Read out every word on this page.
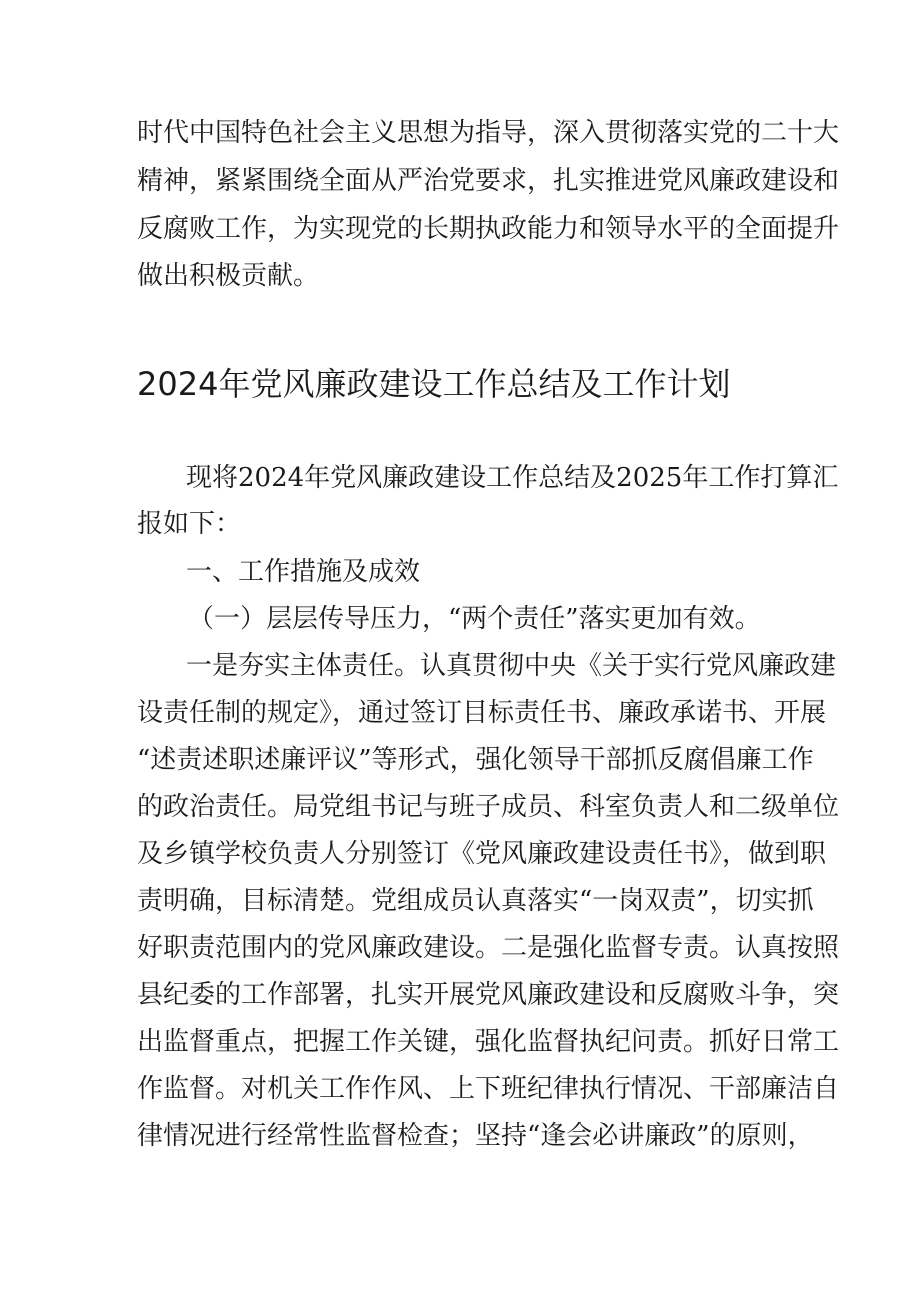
时代中国特色社会主义思想为指导，深入贯彻落实党的二十大

精神，紧紧围绕全面从严治党要求，扎实推进党风廉政建设和

反腐败工作，为实现党的长期执政能力和领导水平的全面提升

做出积极贡献。

2024年党风廉政建设工作总结及工作计划

现将2024年党风廉政建设工作总结及2025年工作打算汇

报如下：

一、工作措施及成效

（一）层层传导压力，“两个责任”落实更加有效。

一是夯实主体责任。认真贯彻中央《关于实行党风廉政建

设责任制的规定》，通过签订目标责任书、廉政承诺书、开展

“述责述职述廉评议”等形式，强化领导干部抓反腐倡廉工作

的政治责任。局党组书记与班子成员、科室负责人和二级单位

及乡镇学校负责人分别签订《党风廉政建设责任书》，做到职

责明确，目标清楚。党组成员认真落实“一岗双责”，切实抓

好职责范围内的党风廉政建设。二是强化监督专责。认真按照

县纪委的工作部署，扎实开展党风廉政建设和反腐败斗争，突

出监督重点，把握工作关键，强化监督执纪问责。抓好日常工

作监督。对机关工作作风、上下班纪律执行情况、干部廉洁自

律情况进行经常性监督检查；坚持“逢会必讲廉政”的原则，
